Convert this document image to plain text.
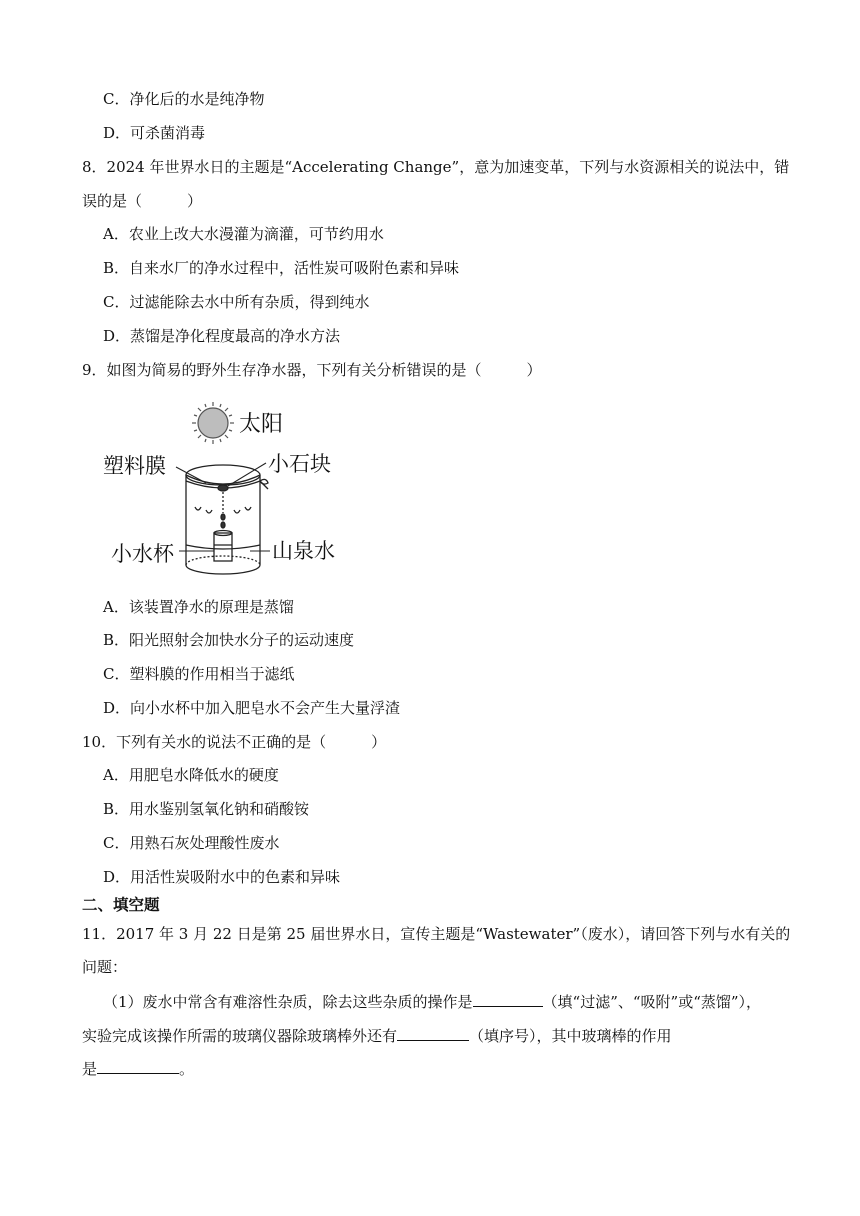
C．净化后的水是纯净物
D．可杀菌消毒
8．2024 年世界水日的主题是“Accelerating Change”，意为加速变革，下列与水资源相关的说法中，错
误的是（　　　）
A．农业上改大水漫灌为滴灌，可节约用水
B．自来水厂的净水过程中，活性炭可吸附色素和异味
C．过滤能除去水中所有杂质，得到纯水
D．蒸馏是净化程度最高的净水方法
9．如图为简易的野外生存净水器，下列有关分析错误的是（　　　）
太阳
塑料膜	小石块
小水杯	山泉水
A．该装置净水的原理是蒸馏
B．阳光照射会加快水分子的运动速度
C．塑料膜的作用相当于滤纸
D．向小水杯中加入肥皂水不会产生大量浮渣
10．下列有关水的说法不正确的是（　　　）
A．用肥皂水降低水的硬度
B．用水鉴别氢氧化钠和硝酸铵
C．用熟石灰处理酸性废水
D．用活性炭吸附水中的色素和异味
二、填空题
11．2017 年 3 月 22 日是第 25 届世界水日，宣传主题是“Wastewater”（废水），请回答下列与水有关的
问题：
（1）废水中常含有难溶性杂质，除去这些杂质的操作是	（填“过滤”、“吸附”或“蒸馏”），
实验完成该操作所需的玻璃仪器除玻璃棒外还有	（填序号），其中玻璃棒的作用
是	。
